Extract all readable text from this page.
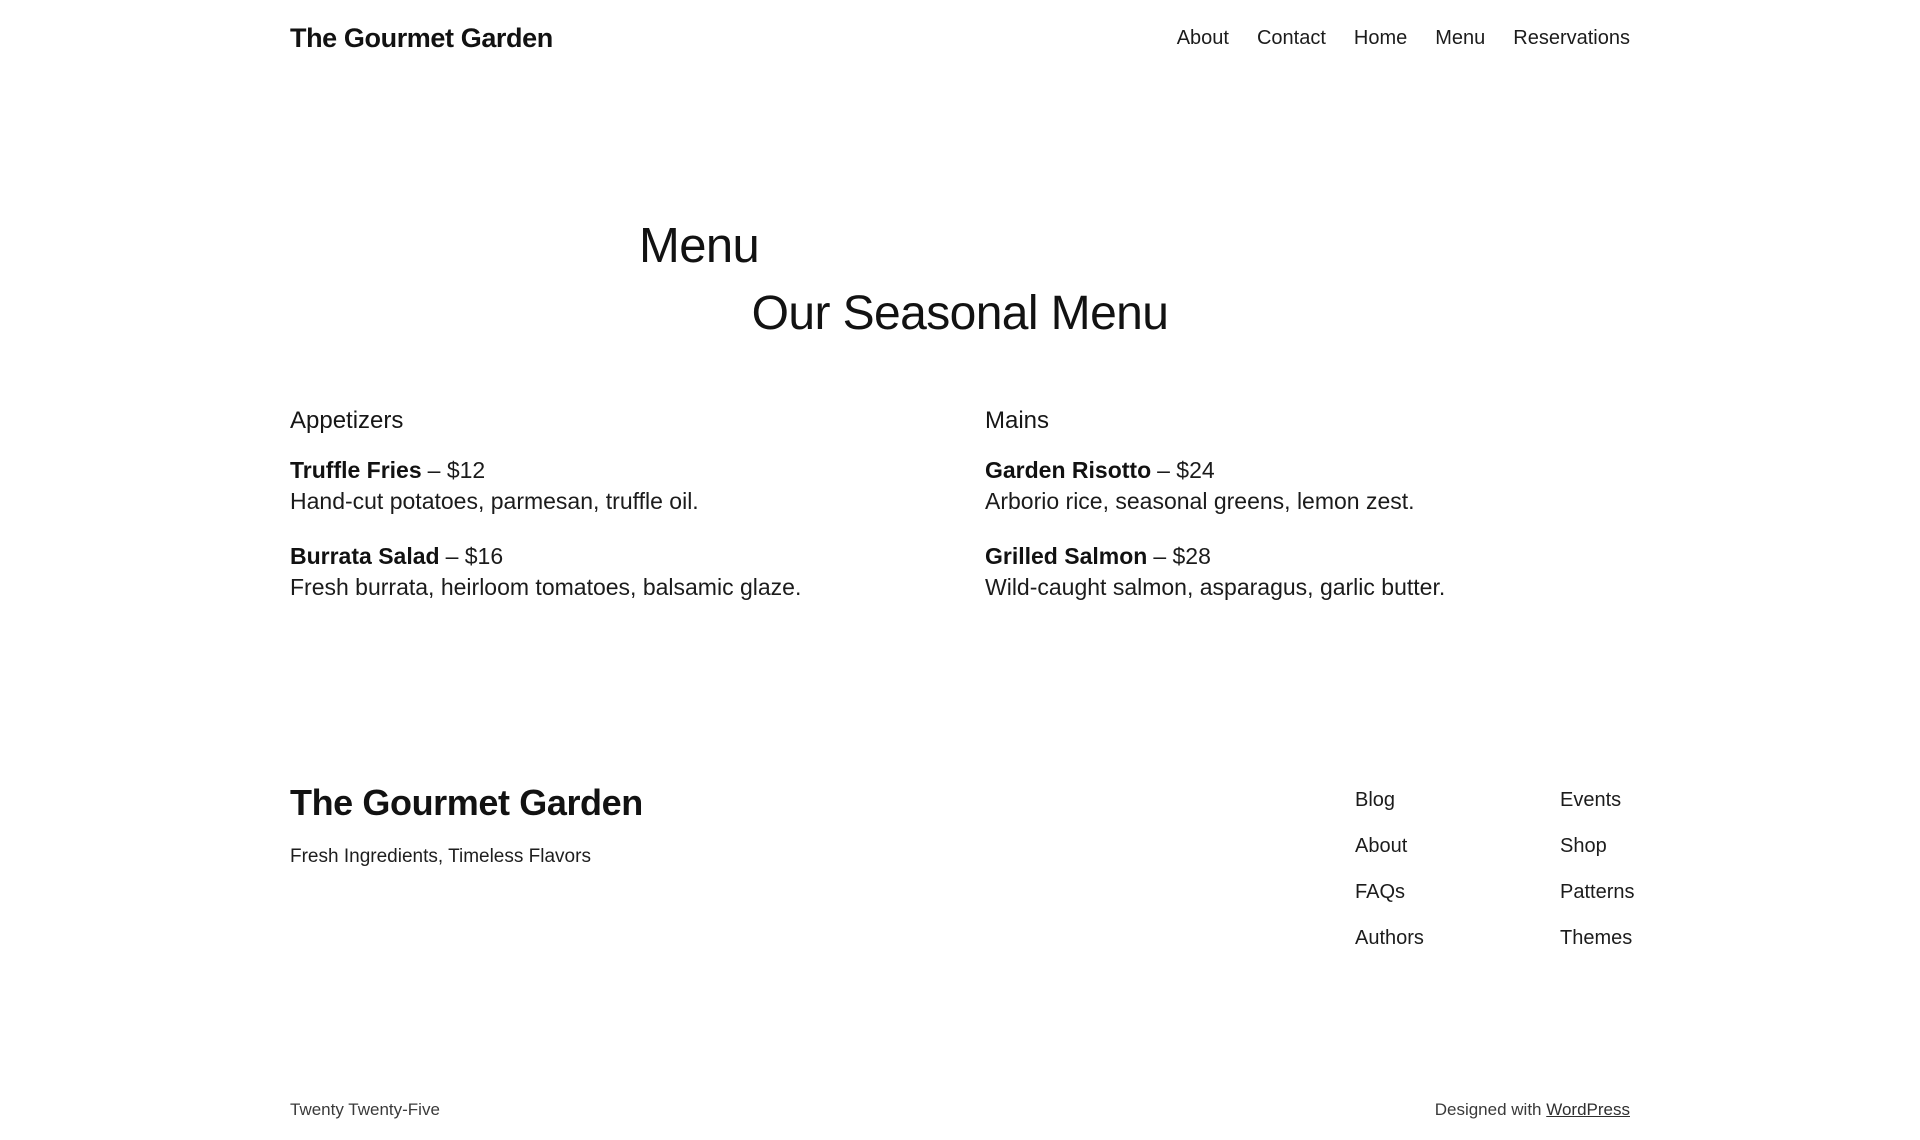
The Gourmet Garden	About Contact Home Menu Reservations
Menu
Our Seasonal Menu
Appetizers

Truffle Fries – $12
Hand-cut potatoes, parmesan, truffle oil.

Burrata Salad – $16
Fresh burrata, heirloom tomatoes, balsamic glaze.

Mains

Garden Risotto – $24
Arborio rice, seasonal greens, lemon zest.

Grilled Salmon – $28
Wild-caught salmon, asparagus, garlic butter.

The Gourmet Garden

Fresh Ingredients, Timeless Flavors

Blog
About
FAQs
Authors
Events
Shop
Patterns
Themes
Twenty Twenty-Five	Designed with WordPress
